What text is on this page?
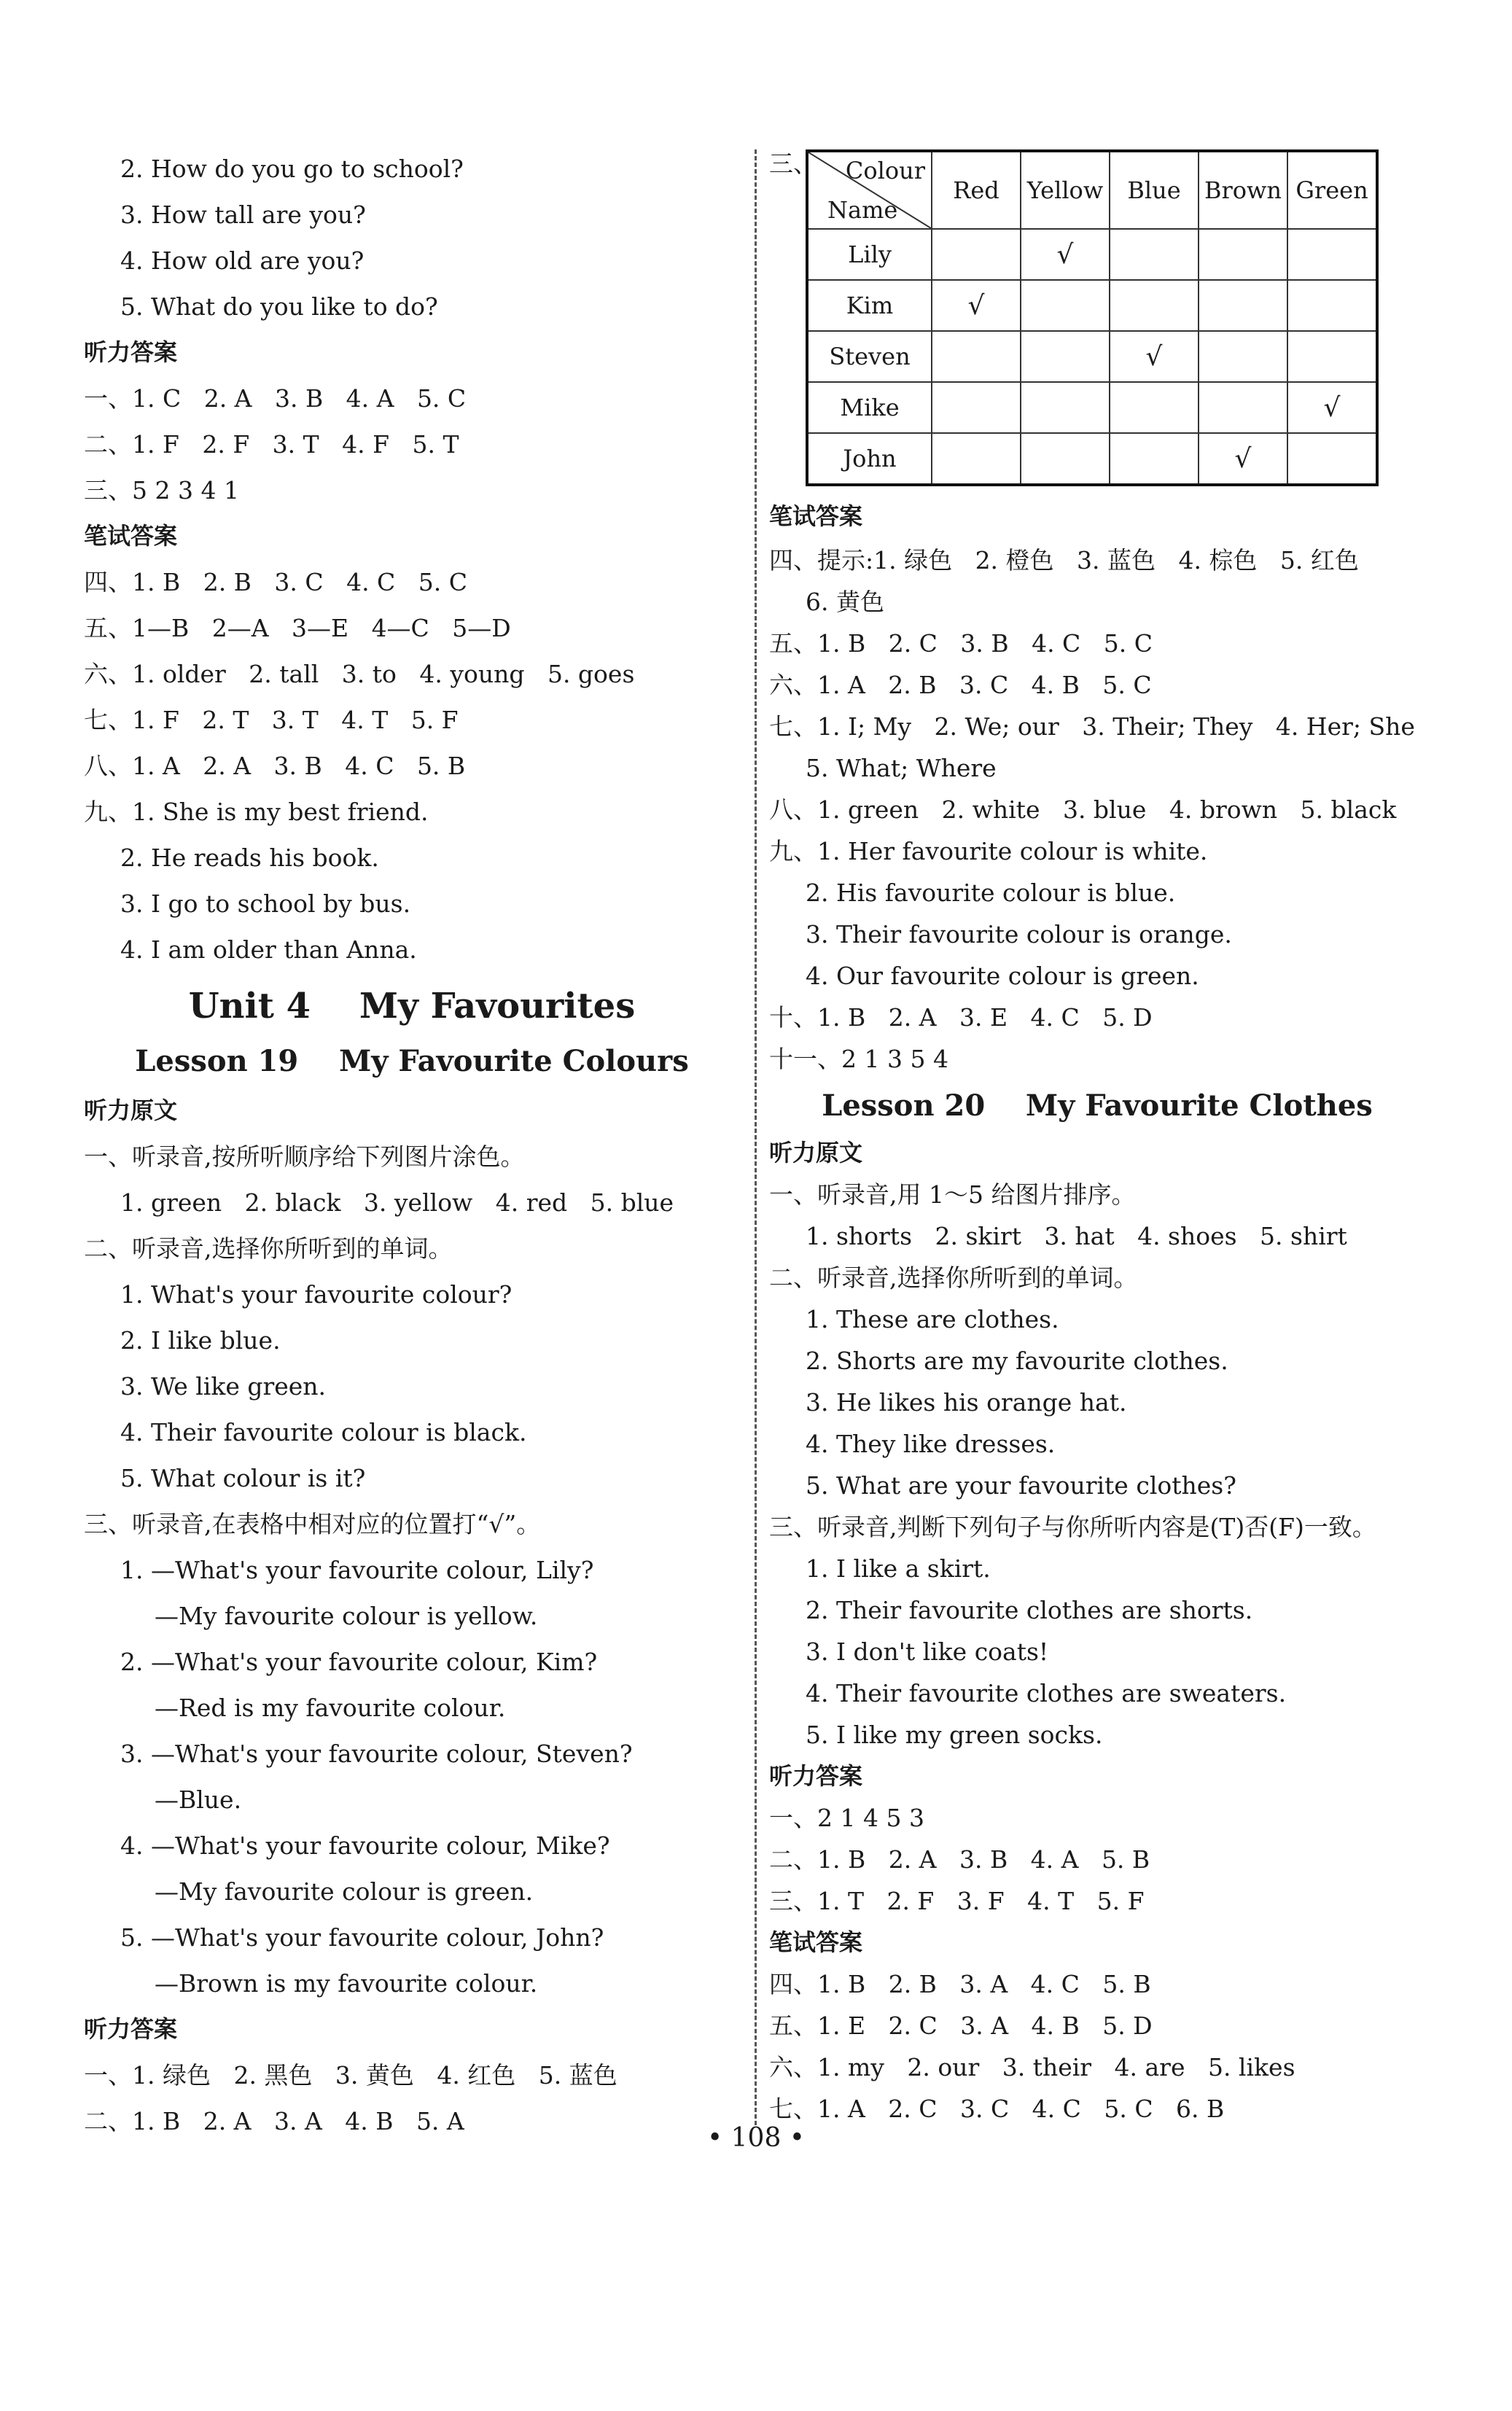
2. How do you go to school?
3. How tall are you?
4. How old are you?
5. What do you like to do?
听力答案
一、1. C   2. A   3. B   4. A   5. C
二、1. F   2. F   3. T   4. F   5. T
三、5 2 3 4 1
笔试答案
四、1. B   2. B   3. C   4. C   5. C
五、1—B   2—A   3—E   4—C   5—D
六、1. older   2. tall   3. to   4. young   5. goes
七、1. F   2. T   3. T   4. T   5. F
八、1. A   2. A   3. B   4. C   5. B
九、1. She is my best friend.
2. He reads his book.
3. I go to school by bus.
4. I am older than Anna.
Unit 4    My Favourites
Lesson 19    My Favourite Colours
听力原文
一、听录音,按所听顺序给下列图片涂色。
1. green   2. black   3. yellow   4. red   5. blue
二、听录音,选择你所听到的单词。
1. What's your favourite colour?
2. I like blue.
3. We like green.
4. Their favourite colour is black.
5. What colour is it?
三、听录音,在表格中相对应的位置打“√”。
1. —What's your favourite colour, Lily?
—My favourite colour is yellow.
2. —What's your favourite colour, Kim?
—Red is my favourite colour.
3. —What's your favourite colour, Steven?
—Blue.
4. —What's your favourite colour, Mike?
—My favourite colour is green.
5. —What's your favourite colour, John?
—Brown is my favourite colour.
听力答案
一、1. 绿色   2. 黑色   3. 黄色   4. 红色   5. 蓝色
二、1. B   2. A   3. A   4. B   5. A
三、 Colour
Name	Red	Yellow	Blue	Brown	Green
Lily		√			
Kim	√				
Steven			√		
Mike					√
John				√	
笔试答案
四、提示:1. 绿色   2. 橙色   3. 蓝色   4. 棕色   5. 红色
6. 黄色
五、1. B   2. C   3. B   4. C   5. C
六、1. A   2. B   3. C   4. B   5. C
七、1. I; My   2. We; our   3. Their; They   4. Her; She
5. What; Where
八、1. green   2. white   3. blue   4. brown   5. black
九、1. Her favourite colour is white.
2. His favourite colour is blue.
3. Their favourite colour is orange.
4. Our favourite colour is green.
十、1. B   2. A   3. E   4. C   5. D
十一、2 1 3 5 4
Lesson 20    My Favourite Clothes
听力原文
一、听录音,用 1～5 给图片排序。
1. shorts   2. skirt   3. hat   4. shoes   5. shirt
二、听录音,选择你所听到的单词。
1. These are clothes.
2. Shorts are my favourite clothes.
3. He likes his orange hat.
4. They like dresses.
5. What are your favourite clothes?
三、听录音,判断下列句子与你所听内容是(T)否(F)一致。
1. I like a skirt.
2. Their favourite clothes are shorts.
3. I don't like coats!
4. Their favourite clothes are sweaters.
5. I like my green socks.
听力答案
一、2 1 4 5 3
二、1. B   2. A   3. B   4. A   5. B
三、1. T   2. F   3. F   4. T   5. F
笔试答案
四、1. B   2. B   3. A   4. C   5. B
五、1. E   2. C   3. A   4. B   5. D
六、1. my   2. our   3. their   4. are   5. likes
七、1. A   2. C   3. C   4. C   5. C   6. B
• 108 •
